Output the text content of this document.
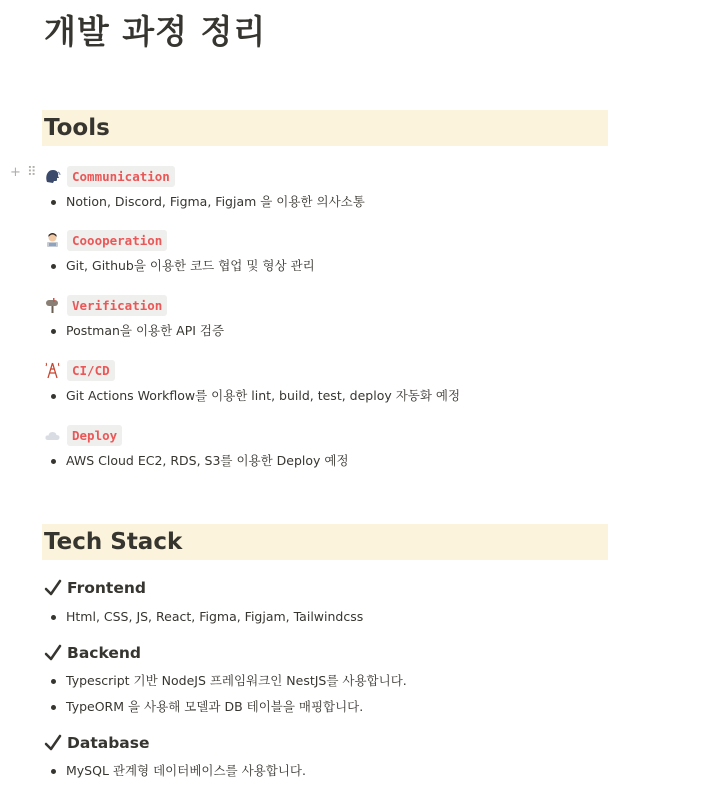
개발 과정 정리
Tools
+ ⠿	Communication
Notion, Discord, Figma, Figjam 을 이용한 의사소통
Coooperation
Git, Github을 이용한 코드 협업 및 형상 관리
Verification
Postman을 이용한 API 검증
CI/CD
Git Actions Workflow를 이용한 lint, build, test, deploy 자동화 예정
Deploy
AWS Cloud EC2, RDS, S3를 이용한 Deploy 예정
Tech Stack
Frontend
Html, CSS, JS, React, Figma, Figjam, Tailwindcss
Backend
Typescript 기반 NodeJS 프레임워크인 NestJS를 사용합니다.
TypeORM 을 사용해 모델과 DB 테이블을 매핑합니다.
Database
MySQL 관계형 데이터베이스를 사용합니다.
